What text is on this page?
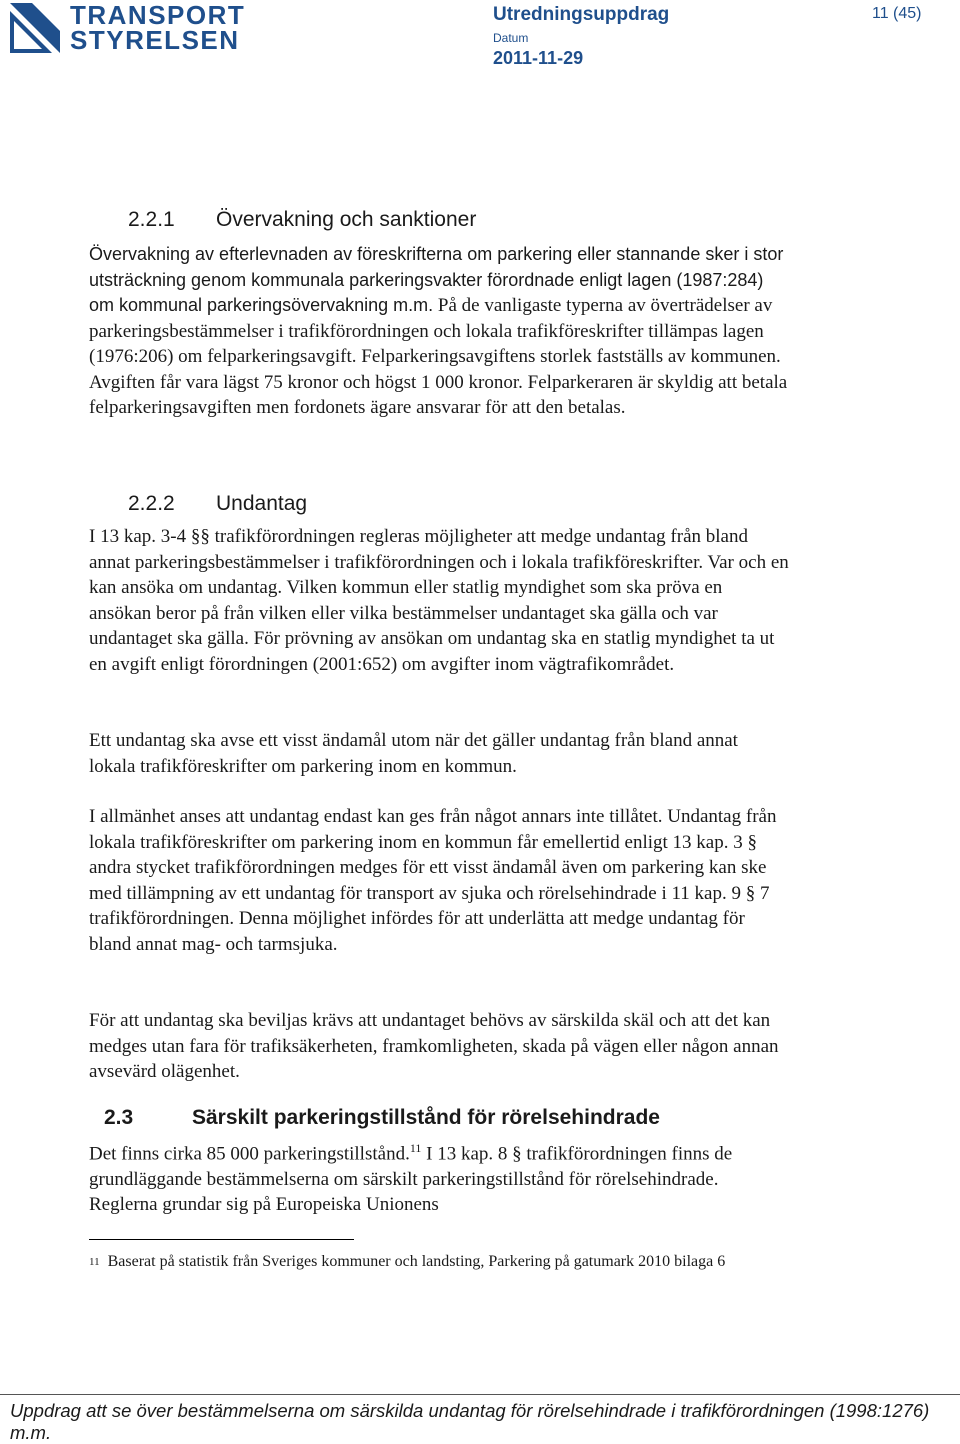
TRANSPORT
STYRELSEN
Utredningsuppdrag
Datum
2011-11-29
11 (45)
2.2.1 Övervakning och sanktioner
Övervakning av efterlevnaden av föreskrifterna om parkering eller stannande sker i stor utsträckning genom kommunala parkeringsvakter förordnade enligt lagen (1987:284) om kommunal parkeringsövervakning m.m. På de vanligaste typerna av överträdelser av parkeringsbestämmelser i trafikförordningen och lokala trafikföreskrifter tillämpas lagen (1976:206) om felparkeringsavgift. Felparkeringsavgiftens storlek fastställs av kommunen. Avgiften får vara lägst 75 kronor och högst 1 000 kronor. Felparkeraren är skyldig att betala felparkeringsavgiften men fordonets ägare ansvarar för att den betalas.
2.2.2 Undantag
I 13 kap. 3-4 §§ trafikförordningen regleras möjligheter att medge undantag från bland annat parkeringsbestämmelser i trafikförordningen och i lokala trafikföreskrifter. Var och en kan ansöka om undantag. Vilken kommun eller statlig myndighet som ska pröva en ansökan beror på från vilken eller vilka bestämmelser undantaget ska gälla och var undantaget ska gälla. För prövning av ansökan om undantag ska en statlig myndighet ta ut en avgift enligt förordningen (2001:652) om avgifter inom vägtrafikområdet.
Ett undantag ska avse ett visst ändamål utom när det gäller undantag från bland annat lokala trafikföreskrifter om parkering inom en kommun.
I allmänhet anses att undantag endast kan ges från något annars inte tillåtet. Undantag från lokala trafikföreskrifter om parkering inom en kommun får emellertid enligt 13 kap. 3 § andra stycket trafikförordningen medges för ett visst ändamål även om parkering kan ske med tillämpning av ett undantag för transport av sjuka och rörelsehindrade i 11 kap. 9 § 7 trafikförordningen. Denna möjlighet infördes för att underlätta att medge undantag för bland annat mag- och tarmsjuka.
För att undantag ska beviljas krävs att undantaget behövs av särskilda skäl och att det kan medges utan fara för trafiksäkerheten, framkomligheten, skada på vägen eller någon annan avsevärd olägenhet.
2.3	Särskilt parkeringstillstånd för rörelsehindrade
Det finns cirka 85 000 parkeringstillstånd.$^{11}$ I 13 kap. 8 § trafikförordningen finns de grundläggande bestämmelserna om särskilt parkeringstillstånd för rörelsehindrade. Reglerna grundar sig på Europeiska Unionens
$^{11}$ Baserat på statistik från Sveriges kommuner och landsting, Parkering på gatumark 2010 bilaga 6
Uppdrag att se över bestämmelserna om särskilda undantag för rörelsehindrade i trafikförordningen (1998:1276) m.m.
